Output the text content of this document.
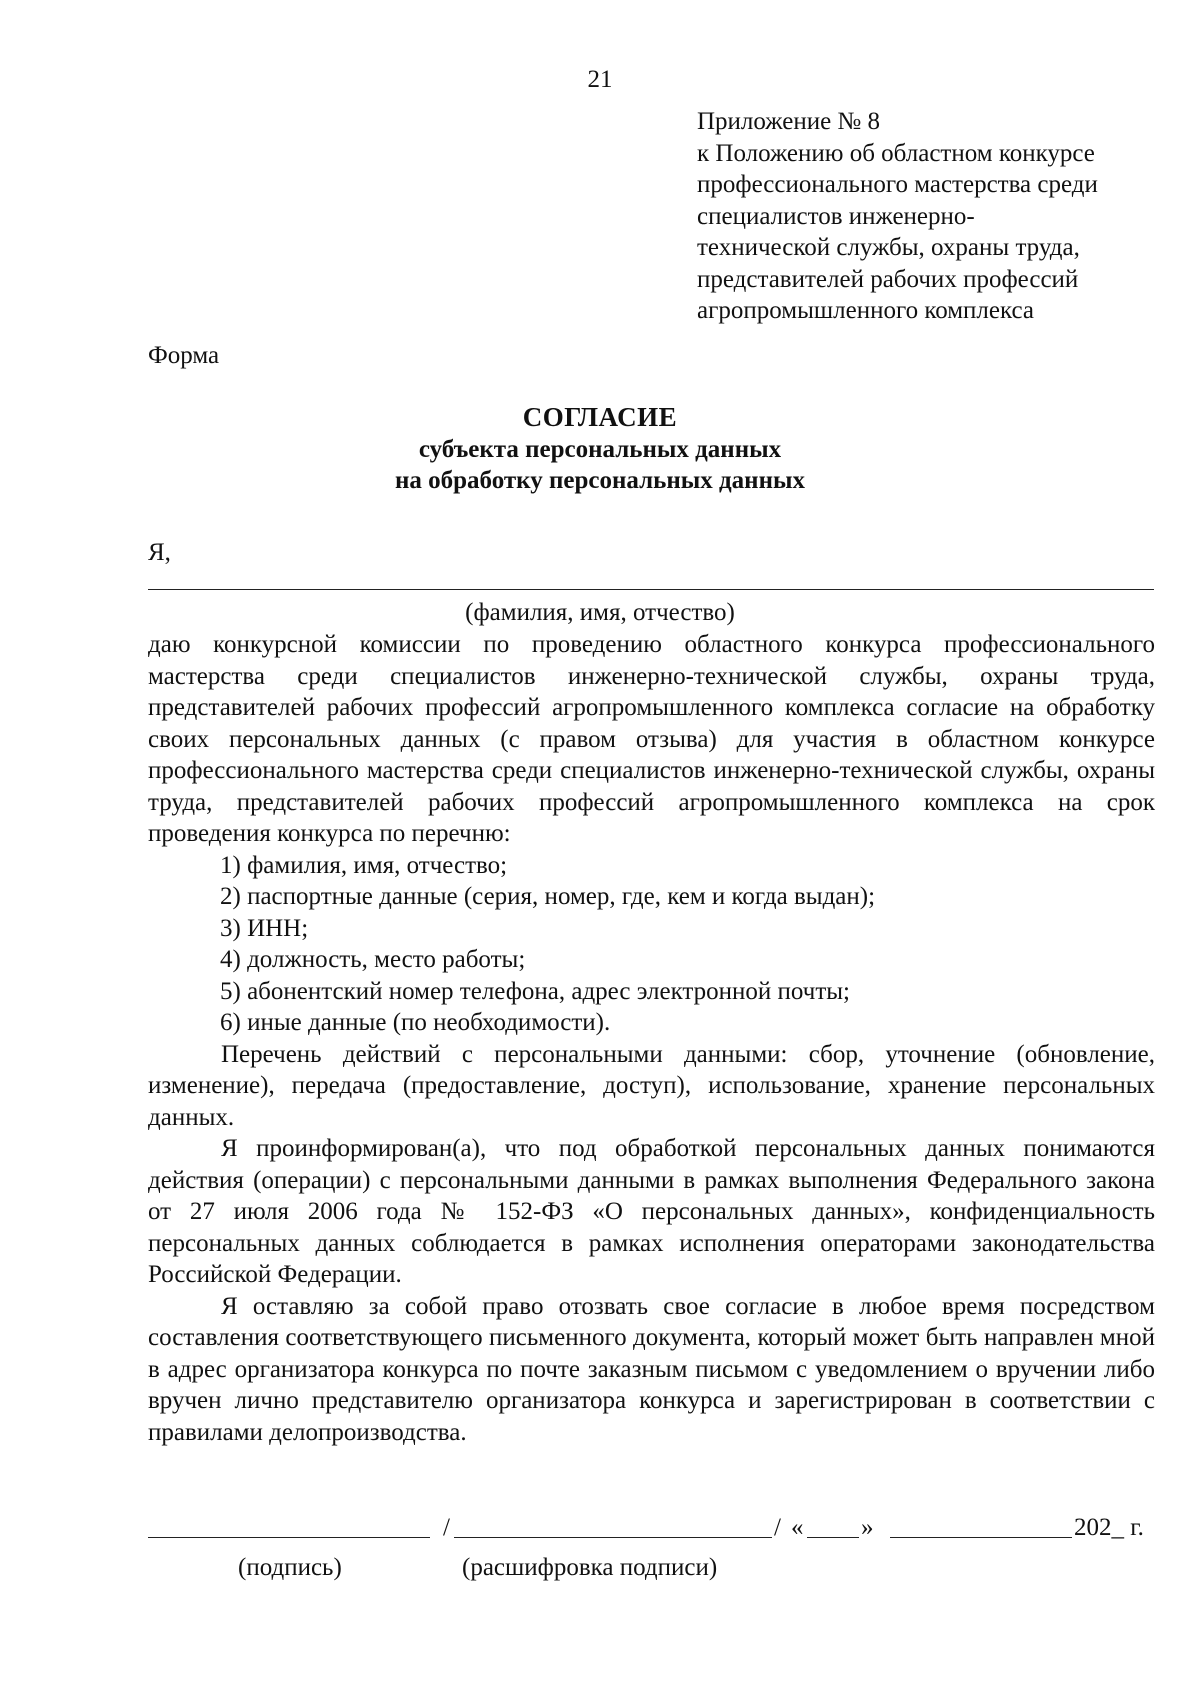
21
Приложение № 8
к Положению об областном конкурсе
профессионального мастерства среди
специалистов инженерно-
технической службы, охраны труда,
представителей рабочих профессий
агропромышленного комплекса
Форма
СОГЛАСИЕ
субъекта персональных данных
на обработку персональных данных
Я,
(фамилия, имя, отчество)
даю конкурсной комиссии по проведению областного конкурса профессионального мастерства среди специалистов инженерно-технической службы, охраны труда, представителей рабочих профессий агропромышленного комплекса согласие на обработку своих персональных данных (с правом отзыва) для участия в областном конкурсе профессионального мастерства среди специалистов инженерно-технической службы, охраны труда, представителей рабочих профессий агропромышленного комплекса на срок проведения конкурса по перечню:
1) фамилия, имя, отчество;
2) паспортные данные (серия, номер, где, кем и когда выдан);
3) ИНН;
4) должность, место работы;
5) абонентский номер телефона, адрес электронной почты;
6) иные данные (по необходимости).
Перечень действий с персональными данными: сбор, уточнение (обновление, изменение), передача (предоставление, доступ), использование, хранение персональных данных.
Я проинформирован(а), что под обработкой персональных данных понимаются действия (операции) с персональными данными в рамках выполнения Федерального закона от 27 июля 2006 года № 152-ФЗ «О персональных данных», конфиденциальность персональных данных соблюдается в рамках исполнения операторами законодательства Российской Федерации.
Я оставляю за собой право отозвать свое согласие в любое время посредством составления соответствующего письменного документа, который может быть направлен мной в адрес организатора конкурса по почте заказным письмом с уведомлением о вручении либо вручен лично представителю организатора конкурса и зарегистрирован в соответствии с правилами делопроизводства.
/	/ « »	202_ г.
(подпись)	(расшифровка подписи)
